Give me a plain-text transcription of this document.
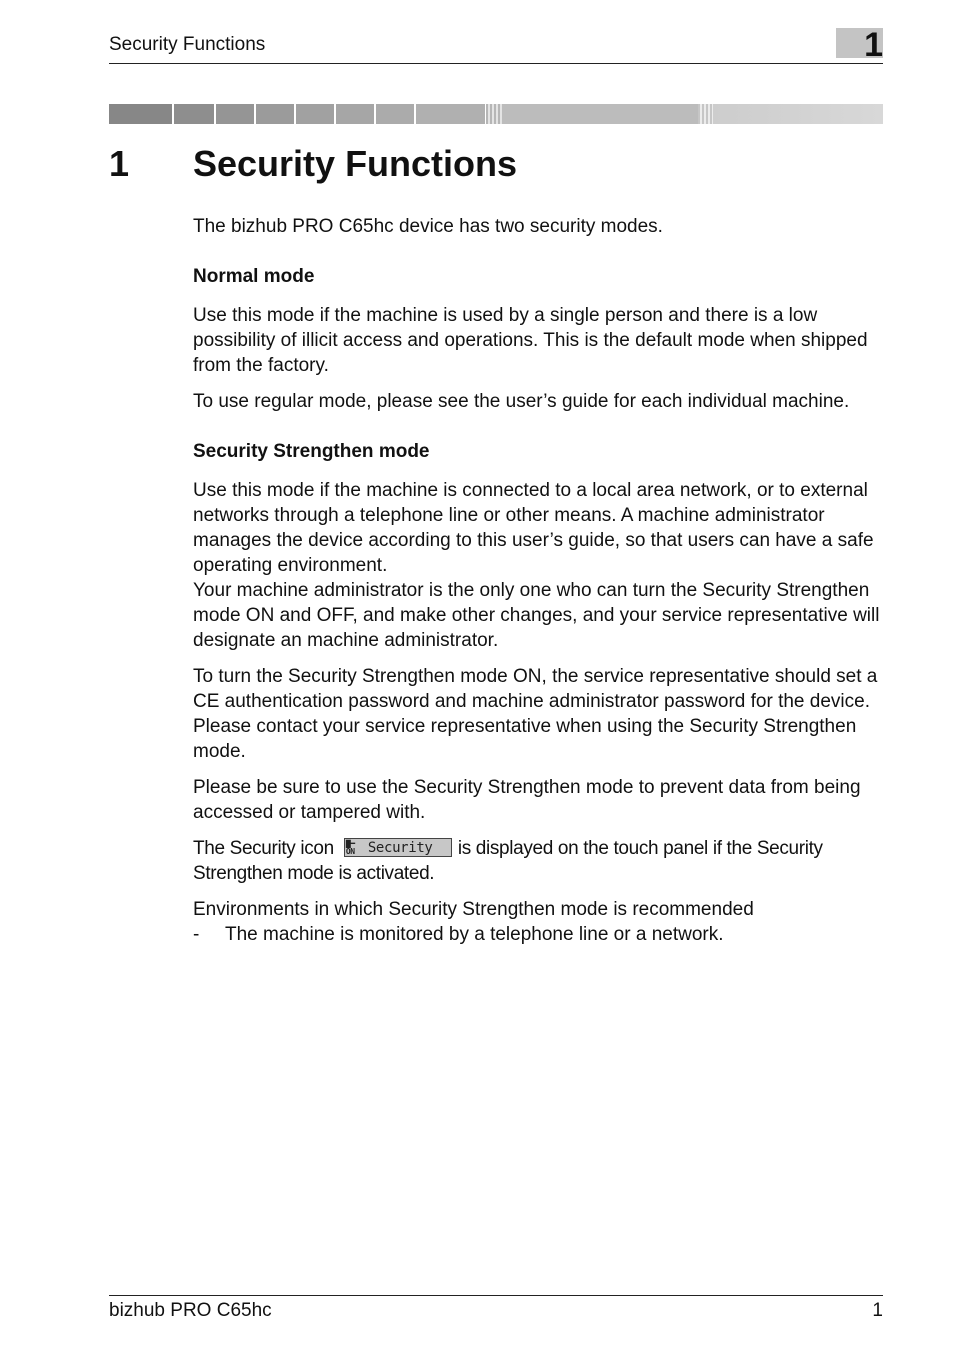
Security Functions	1
1 Security Functions

The bizhub PRO C65hc device has two security modes.

Normal mode

Use this mode if the machine is used by a single person and there is a low possibility of illicit access and operations. This is the default mode when shipped from the factory.

To use regular mode, please see the user’s guide for each individual machine.

Security Strengthen mode

Use this mode if the machine is connected to a local area network, or to external networks through a telephone line or other means. A machine administrator manages the device according to this user’s guide, so that users can have a safe operating environment.
Your machine administrator is the only one who can turn the Security Strengthen mode ON and OFF, and make other changes, and your service representative will designate an machine administrator.

To turn the Security Strengthen mode ON, the service representative should set a CE authentication password and machine administrator password for the device.
Please contact your service representative when using the Security Strengthen mode.

Please be sure to use the Security Strengthen mode to prevent data from being accessed or tampered with.

The Security icon ▇━
ON Security is displayed on the touch panel if the Security Strengthen mode is activated.

Environments in which Security Strengthen mode is recommended

- The machine is monitored by a telephone line or a network.
bizhub PRO C65hc	1
